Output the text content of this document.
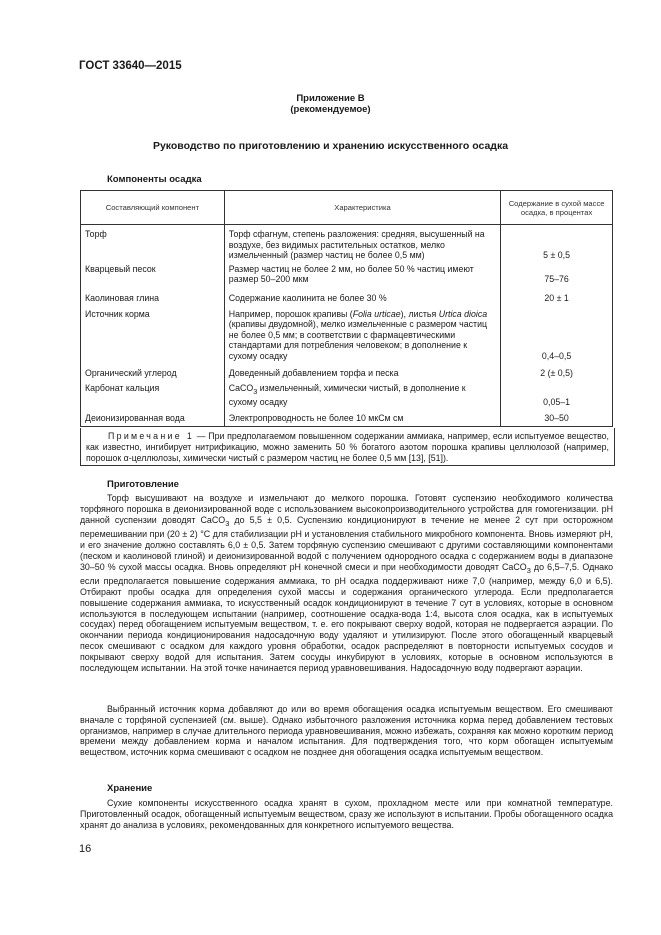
ГОСТ 33640—2015
Приложение В
(рекомендуемое)
Руководство по приготовлению и хранению искусственного осадка
Компоненты осадка
Составляющий компонент	Характеристика	Содержание в сухой массе осадка, в процентах
Торф	Торф сфагнум, степень разложения: средняя, высушенный на воздухе, без видимых растительных остатков, мелко измельченный (размер частиц не более 0,5 мм)	5 ± 0,5
Кварцевый песок	Размер частиц не более 2 мм, но более 50 % частиц имеют размер 50–200 мкм	75–76
Каолиновая глина	Содержание каолинита не более 30 %	20 ± 1
Источник корма	Например, порошок крапивы (Folia urticae), листья Urtica dioica (крапивы двудомной), мелко измельченные с размером частиц не более 0,5 мм; в соответствии с фармацевтическими стандартами для потребления человеком; в дополнение к сухому осадку	0,4–0,5
Органический углерод	Доведенный добавлением торфа и песка	2 (± 0,5)
Карбонат кальция	CaCO$_3$ измельченный, химически чистый, в дополнение к сухому осадку	0,05–1
Деионизированная вода	Электропроводность не более 10 мкСм см	30–50
Примечание 1 — При предполагаемом повышенном содержании аммиака, например, если испытуемое вещество, как известно, ингибирует нитрификацию, можно заменить 50 % богатого азотом порошка крапивы целлюлозой (например, порошок α-целлюлозы, химически чистый с размером частиц не более 0,5 мм [13], [51]).
Приготовление
Торф высушивают на воздухе и измельчают до мелкого порошка. Готовят суспензию необходимого количества торфяного порошка в деионизированной воде с использованием высокопроизводительного устройства для гомогенизации. pH данной суспензии доводят CaCO$_3$ до 5,5 ± 0,5. Суспензию кондиционируют в течение не менее 2 сут при осторожном перемешивании при (20 ± 2) °С для стабилизации pH и установления стабильного микробного компонента. Вновь измеряют pH, и его значение должно составлять 6,0 ± 0,5. Затем торфяную суспензию смешивают с другими составляющими компонентами (песком и каолиновой глиной) и деионизированной водой с получением однородного осадка с содержанием воды в диапазоне 30–50 % сухой массы осадка. Вновь определяют pH конечной смеси и при необходимости доводят CaCO$_3$ до 6,5–7,5. Однако если предполагается повышение содержания аммиака, то pH осадка поддерживают ниже 7,0 (например, между 6,0 и 6,5). Отбирают пробы осадка для определения сухой массы и содержания органического углерода. Если предполагается повышение содержания аммиака, то искусственный осадок кондиционируют в течение 7 сут в условиях, которые в основном используются в последующем испытании (например, соотношение осадка-вода 1:4, высота слоя осадка, как в испытуемых сосудах) перед обогащением испытуемым веществом, т. е. его покрывают сверху водой, которая не подвергается аэрации. По окончании периода кондиционирования надосадочную воду удаляют и утилизируют. После этого обогащенный кварцевый песок смешивают с осадком для каждого уровня обработки, осадок распределяют в повторности испытуемых сосудов и покрывают сверху водой для испытания. Затем сосуды инкубируют в условиях, которые в основном используются в последующем испытании. На этой точке начинается период уравновешивания. Надосадочную воду подвергают аэрации.
Выбранный источник корма добавляют до или во время обогащения осадка испытуемым веществом. Его смешивают вначале с торфяной суспензией (см. выше). Однако избыточного разложения источника корма перед добавлением тестовых организмов, например в случае длительного периода уравновешивания, можно избежать, сохраняя как можно коротким период времени между добавлением корма и началом испытания. Для подтверждения того, что корм обогащен испытуемым веществом, источник корма смешивают с осадком не позднее дня обогащения осадка испытуемым веществом.
Хранение
Сухие компоненты искусственного осадка хранят в сухом, прохладном месте или при комнатной температуре. Приготовленный осадок, обогащенный испытуемым веществом, сразу же используют в испытании. Пробы обогащенного осадка хранят до анализа в условиях, рекомендованных для конкретного испытуемого вещества.
16
